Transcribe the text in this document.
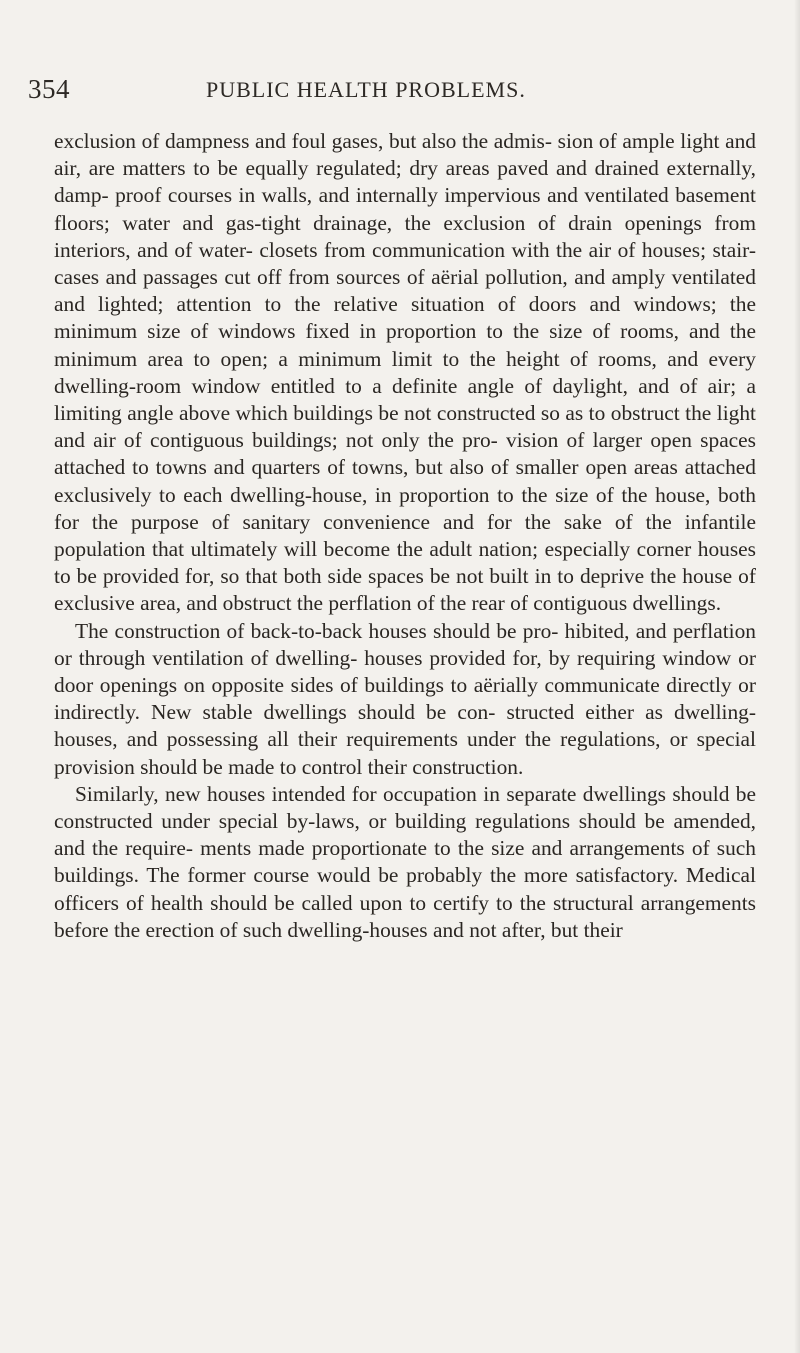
354	PUBLIC HEALTH PROBLEMS.

exclusion of dampness and foul gases, but also the admis- sion of ample light and air, are matters to be equally regulated; dry areas paved and drained externally, damp- proof courses in walls, and internally impervious and ventilated basement floors; water and gas-tight drainage, the exclusion of drain openings from interiors, and of water- closets from communication with the air of houses; stair- cases and passages cut off from sources of aërial pollution, and amply ventilated and lighted; attention to the relative situation of doors and windows; the minimum size of windows fixed in proportion to the size of rooms, and the minimum area to open; a minimum limit to the height of rooms, and every dwelling-room window entitled to a definite angle of daylight, and of air; a limiting angle above which buildings be not constructed so as to obstruct the light and air of contiguous buildings; not only the pro- vision of larger open spaces attached to towns and quarters of towns, but also of smaller open areas attached exclusively to each dwelling-house, in proportion to the size of the house, both for the purpose of sanitary convenience and for the sake of the infantile population that ultimately will become the adult nation; especially corner houses to be provided for, so that both side spaces be not built in to deprive the house of exclusive area, and obstruct the perflation of the rear of contiguous dwellings.

The construction of back-to-back houses should be pro- hibited, and perflation or through ventilation of dwelling- houses provided for, by requiring window or door openings on opposite sides of buildings to aërially communicate directly or indirectly. New stable dwellings should be con- structed either as dwelling-houses, and possessing all their requirements under the regulations, or special provision should be made to control their construction.

Similarly, new houses intended for occupation in separate dwellings should be constructed under special by-laws, or building regulations should be amended, and the require- ments made proportionate to the size and arrangements of such buildings. The former course would be probably the more satisfactory. Medical officers of health should be called upon to certify to the structural arrangements before the erection of such dwelling-houses and not after, but their
